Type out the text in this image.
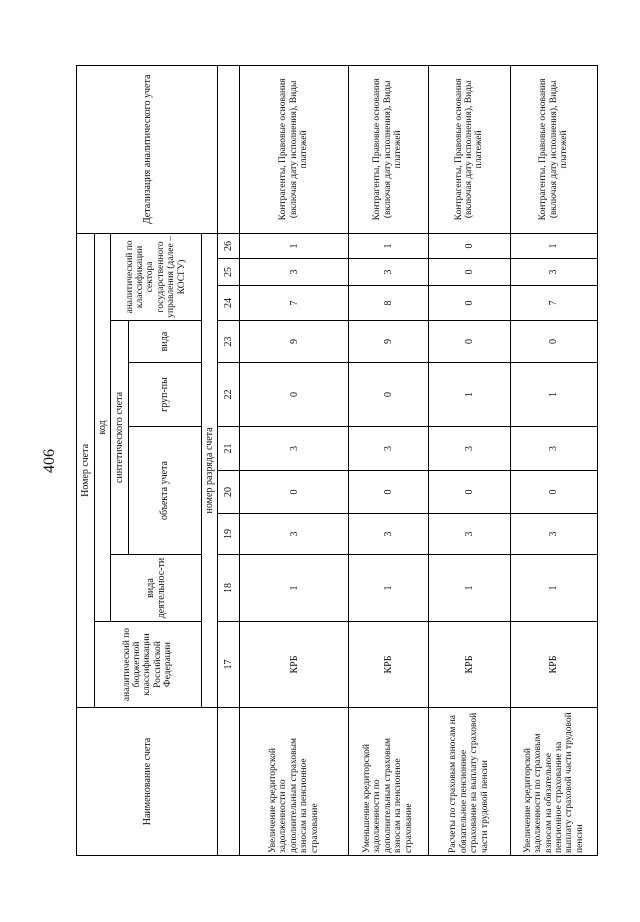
406
Наименование счета	Номер счета										Детализация аналитического учета
	аналитический по бюджетной классификации Российской Федерации	код									
		вида деятельнос-ти	синтетического счета					аналитический по классификации сектора государственного управления (далее – КОСГУ)			
			объекта учета			груп-пы	вида				
	номер разряда счета										
	17	18	19	20	21	22	23	24	25	26	
Увеличение кредиторской задолженности по дополнительным страховым взносам на пенсионное страхование	КРБ	1	3	0	3	0	9	7	3	1	Контрагенты, Правовые основания (включая дату исполнения), Виды платежей
Уменьшение кредиторской задолженности по дополнительным страховым взносам на пенсионное страхование	КРБ	1	3	0	3	0	9	8	3	1	Контрагенты, Правовые основания (включая дату исполнения), Виды платежей
Расчеты по страховым взносам на обязательное пенсионное страхование на выплату страховой части трудовой пенсии	КРБ	1	3	0	3	1	0	0	0	0	Контрагенты, Правовые основания (включая дату исполнения), Виды платежей
Увеличение кредиторской задолженности по страховым взносам на обязательное пенсионное страхование на выплату страховой части трудовой пенсии	КРБ	1	3	0	3	1	0	7	3	1	Контрагенты, Правовые основания (включая дату исполнения), Виды платежей
